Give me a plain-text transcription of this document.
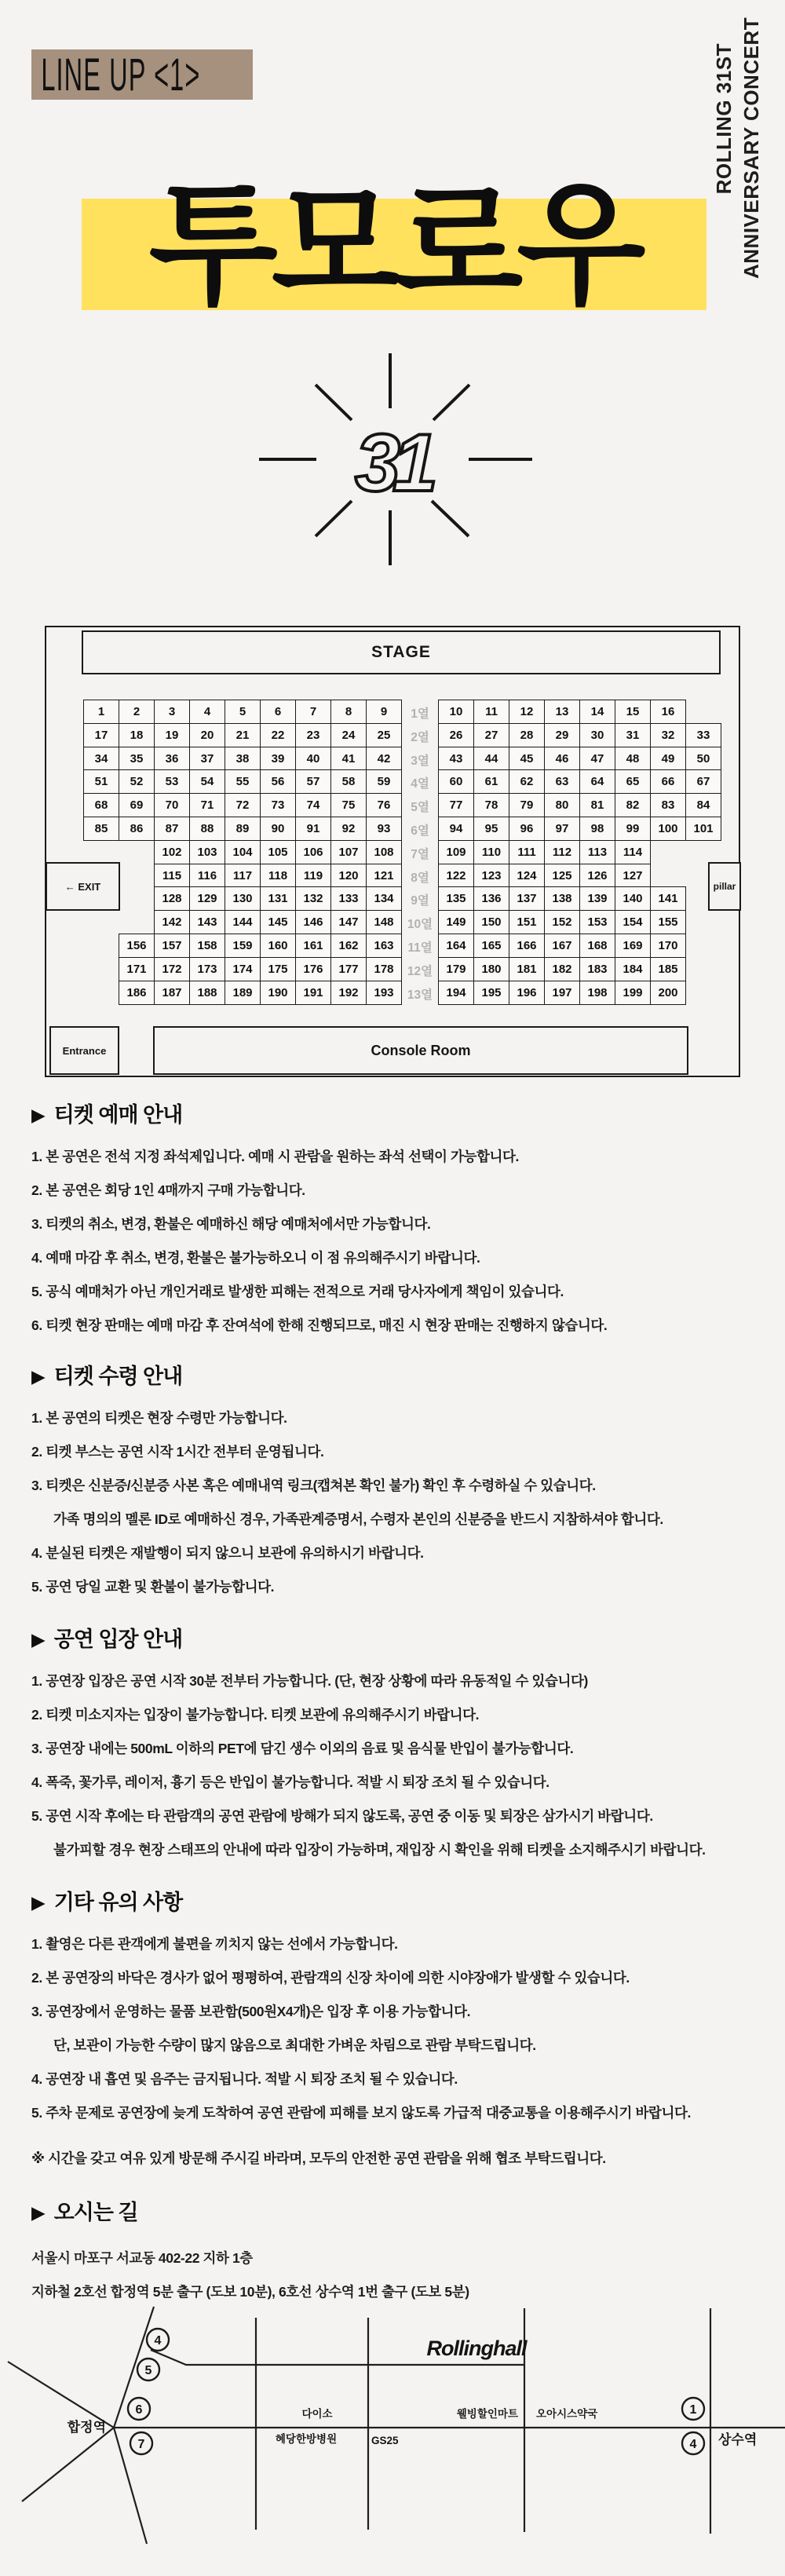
LINE UP <1>	ROLLING 31ST ANNIVERSARY CONCERT
투모로우
31
STAGE
← EXIT	pillar
Entrance	Console Room
1	2	3	4	5	6	7	8	9	10	11	12	13	14	15	16
1열
17	18	19	20	21	22	23	24	25	26	27	28	29	30	31	32	33
2열
34	35	36	37	38	39	40	41	42	43	44	45	46	47	48	49	50
3열
51	52	53	54	55	56	57	58	59	60	61	62	63	64	65	66	67
4열
68	69	70	71	72	73	74	75	76	77	78	79	80	81	82	83	84
5열
85	86	87	88	89	90	91	92	93	94	95	96	97	98	99	100	101
6열
102	103	104	105	106	107	108	109	110	111	112	113	114
7열
115	116	117	118	119	120	121	122	123	124	125	126	127
8열
128	129	130	131	132	133	134	135	136	137	138	139	140	141
9열
142	143	144	145	146	147	148	149	150	151	152	153	154	155
10열
156	157	158	159	160	161	162	163	164	165	166	167	168	169	170
11열
171	172	173	174	175	176	177	178	179	180	181	182	183	184	185
12열
186	187	188	189	190	191	192	193	194	195	196	197	198	199	200
13열
▶ 티켓 예매 안내
1. 본 공연은 전석 지정 좌석제입니다. 예매 시 관람을 원하는 좌석 선택이 가능합니다.
2. 본 공연은 회당 1인 4매까지 구매 가능합니다.
3. 티켓의 취소, 변경, 환불은 예매하신 해당 예매처에서만 가능합니다.
4. 예매 마감 후 취소, 변경, 환불은 불가능하오니 이 점 유의해주시기 바랍니다.
5. 공식 예매처가 아닌 개인거래로 발생한 피해는 전적으로 거래 당사자에게 책임이 있습니다.
6. 티켓 현장 판매는 예매 마감 후 잔여석에 한해 진행되므로, 매진 시 현장 판매는 진행하지 않습니다.
▶ 티켓 수령 안내
1. 본 공연의 티켓은 현장 수령만 가능합니다.
2. 티켓 부스는 공연 시작 1시간 전부터 운영됩니다.
3. 티켓은 신분증/신분증 사본 혹은 예매내역 링크(캡쳐본 확인 불가) 확인 후 수령하실 수 있습니다.
가족 명의의 멜론 ID로 예매하신 경우, 가족관계증명서, 수령자 본인의 신분증을 반드시 지참하셔야 합니다.
4. 분실된 티켓은 재발행이 되지 않으니 보관에 유의하시기 바랍니다.
5. 공연 당일 교환 및 환불이 불가능합니다.
▶ 공연 입장 안내
1. 공연장 입장은 공연 시작 30분 전부터 가능합니다. (단, 현장 상황에 따라 유동적일 수 있습니다)
2. 티켓 미소지자는 입장이 불가능합니다. 티켓 보관에 유의해주시기 바랍니다.
3. 공연장 내에는 500mL 이하의 PET에 담긴 생수 이외의 음료 및 음식물 반입이 불가능합니다.
4. 폭죽, 꽃가루, 레이저, 흉기 등은 반입이 불가능합니다. 적발 시 퇴장 조치 될 수 있습니다.
5. 공연 시작 후에는 타 관람객의 공연 관람에 방해가 되지 않도록, 공연 중 이동 및 퇴장은 삼가시기 바랍니다.
불가피할 경우 현장 스태프의 안내에 따라 입장이 가능하며, 재입장 시 확인을 위해 티켓을 소지해주시기 바랍니다.
▶ 기타 유의 사항
1. 촬영은 다른 관객에게 불편을 끼치지 않는 선에서 가능합니다.
2. 본 공연장의 바닥은 경사가 없어 평평하여, 관람객의 신장 차이에 의한 시야장애가 발생할 수 있습니다.
3. 공연장에서 운영하는 물품 보관함(500원X4개)은 입장 후 이용 가능합니다.
단, 보관이 가능한 수량이 많지 않음으로 최대한 가벼운 차림으로 관람 부탁드립니다.
4. 공연장 내 흡연 및 음주는 금지됩니다. 적발 시 퇴장 조치 될 수 있습니다.
5. 주차 문제로 공연장에 늦게 도착하여 공연 관람에 피해를 보지 않도록 가급적 대중교통을 이용해주시기 바랍니다.
※ 시간을 갖고 여유 있게 방문해 주시길 바라며, 모두의 안전한 공연 관람을 위해 협조 부탁드립니다.
▶ 오시는 길
서울시 마포구 서교동 402-22 지하 1층
지하철 2호선 합정역 5분 출구 (도보 10분), 6호선 상수역 1번 출구 (도보 5분)
4
5
6
7
1
4
Rollinghall
합정역
상수역
다이소
혜당한방병원	GS25
웰빙할인마트 오아시스약국
